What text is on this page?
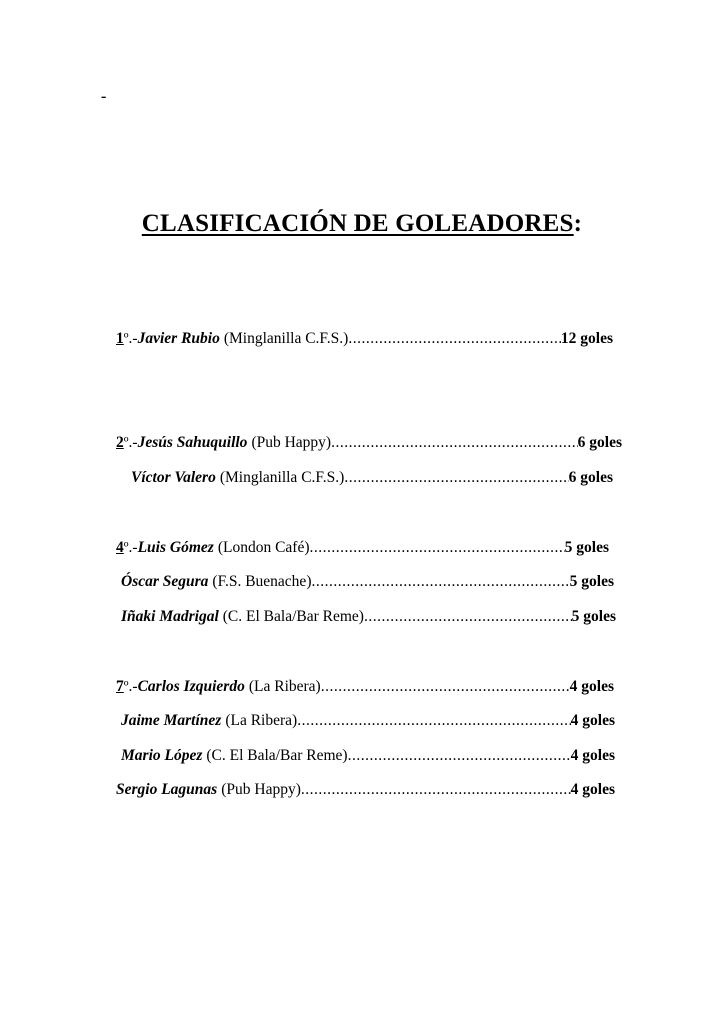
-
CLASIFICACIÓN DE GOLEADORES:
1º.- Javier Rubio (Minglanilla C.F.S.) .....	12 goles
2º.- Jesús Sahuquillo (Pub Happy) .....	6 goles
Víctor Valero (Minglanilla C.F.S.) .....	6 goles
4º.- Luis Gómez (London Café) .....	5 goles
Óscar Segura (F.S. Buenache) .....	5 goles
Iñaki Madrigal (C. El Bala/Bar Reme) .....	5 goles
7º.- Carlos Izquierdo (La Ribera) .....	4 goles
Jaime Martínez (La Ribera) .....	4 goles
Mario López (C. El Bala/Bar Reme) .....	4 goles
Sergio Lagunas (Pub Happy) .....	4 goles
